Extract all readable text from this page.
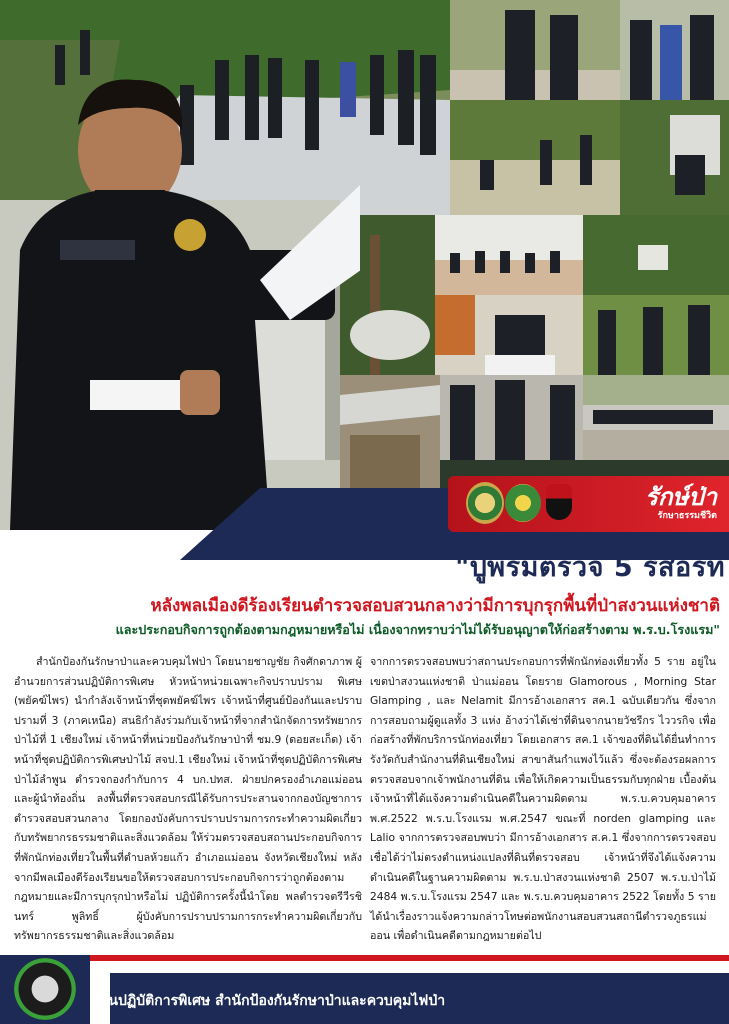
รักษ์ป่า
รักษาธรรมชีวิต
"ปูพรมตรวจ 5 รีสอร์ท
หลังพลเมืองดีร้องเรียนตำรวจสอบสวนกลางว่ามีการบุกรุกพื้นที่ป่าสงวนแห่งชาติ
และประกอบกิจการถูกต้องตามกฎหมายหรือไม่ เนื่องจากทราบว่าไม่ได้รับอนุญาตให้ก่อสร้างตาม พ.ร.บ.โรงแรม"
สำนักป้องกันรักษาป่าและควบคุมไฟป่า โดยนายชาญชัย กิจศักดาภาพ ผู้อำนวยการส่วนปฏิบัติการพิเศษ หัวหน้าหน่วยเฉพาะกิจปราบปราม พิเศษ (พยัคฆ์ไพร) นำกำลังเจ้าหน้าที่ชุดพยัคฆ์ไพร เจ้าหน้าที่ศูนย์ป้องกันและปราบปรามที่ 3 (ภาคเหนือ) สนธิกำลังร่วมกับเจ้าหน้าที่จากสำนักจัดการทรัพยากรป่าไม้ที่ 1 เชียงใหม่ เจ้าหน้าที่หน่วยป้องกันรักษาป่าที่ ชม.9 (ดอยสะเก็ด) เจ้าหน้าที่ชุดปฏิบัติการพิเศษป่าไม้ สจป.1 เชียงใหม่ เจ้าหน้าที่ชุดปฏิบัติการพิเศษป่าไม้ลำพูน ตำรวจกองกำกับการ 4 บก.ปทส. ฝ่ายปกครองอำเภอแม่ออน และผู้นำท้องถิ่น ลงพื้นที่ตรวจสอบกรณีได้รับการประสานจากกองบัญชาการตำรวจสอบสวนกลาง โดยกองบังคับการปราบปรามการกระทำความผิดเกี่ยวกับทรัพยากรธรรมชาติและสิ่งแวดล้อม ให้ร่วมตรวจสอบสถานประกอบกิจการที่พักนักท่องเที่ยวในพื้นที่ตำบลห้วยแก้ว อำเภอแม่ออน จังหวัดเชียงใหม่ หลังจากมีพลเมืองดีร้องเรียนขอให้ตรวจสอบการประกอบกิจการว่าถูกต้องตามกฎหมายและมีการบุกรุกป่าหรือไม่ ปฏิบัติการครั้งนี้นำโดย พลตำรวจตรีวีรชินทร์ พูลิทธิ์ ผู้บังคับการปราบปรามการกระทำความผิดเกี่ยวกับทรัพยากรธรรมชาติและสิ่งแวดล้อม
จากการตรวจสอบพบว่าสถานประกอบการที่พักนักท่องเที่ยวทั้ง 5 ราย อยู่ในเขตป่าสงวนแห่งชาติ ป่าแม่ออน โดยราย Glamorous , Morning Star Glamping , และ Nelamit มีการอ้างเอกสาร สค.1 ฉบับเดียวกัน ซึ่งจากการสอบถามผู้ดูแลทั้ง 3 แห่ง อ้างว่าได้เช่าที่ดินจากนายวัชรีกร ไววรกิจ เพื่อก่อสร้างที่พักบริการนักท่องเที่ยว โดยเอกสาร สค.1 เจ้าของที่ดินได้ยื่นทำการรังวัดกับสำนักงานที่ดินเชียงใหม่ สาขาสันกำแพงไว้แล้ว ซึ่งจะต้องรอผลการตรวจสอบจากเจ้าพนักงานที่ดิน เพื่อให้เกิดความเป็นธรรมกับทุกฝ่าย เบื้องต้นเจ้าหน้าที่ได้แจ้งความดำเนินคดีในความผิดตาม พ.ร.บ.ควบคุมอาคาร พ.ศ.2522 พ.ร.บ.โรงแรม พ.ศ.2547 ขณะที่ norden glamping และ Lalio จากการตรวจสอบพบว่า มีการอ้างเอกสาร ส.ค.1 ซึ่งจากการตรวจสอบเชื่อได้ว่าไม่ตรงตำแหน่งแปลงที่ดินที่ตรวจสอบ เจ้าหน้าที่จึงได้แจ้งความดำเนินคดีในฐานความผิดตาม พ.ร.บ.ป่าสงวนแห่งชาติ 2507 พ.ร.บ.ป่าไม้ 2484 พ.ร.บ.โรงแรม 2547 และ พ.ร.บ.ควบคุมอาคาร 2522 โดยทั้ง 5 ราย ได้นำเรื่องราวแจ้งความกล่าวโทษต่อพนักงานสอบสวนสถานีตำรวจภูธรแม่ออน เพื่อดำเนินคดีตามกฎหมายต่อไป
ส่วนปฏิบัติการพิเศษ สำนักป้องกันรักษาป่าและควบคุมไฟป่า
